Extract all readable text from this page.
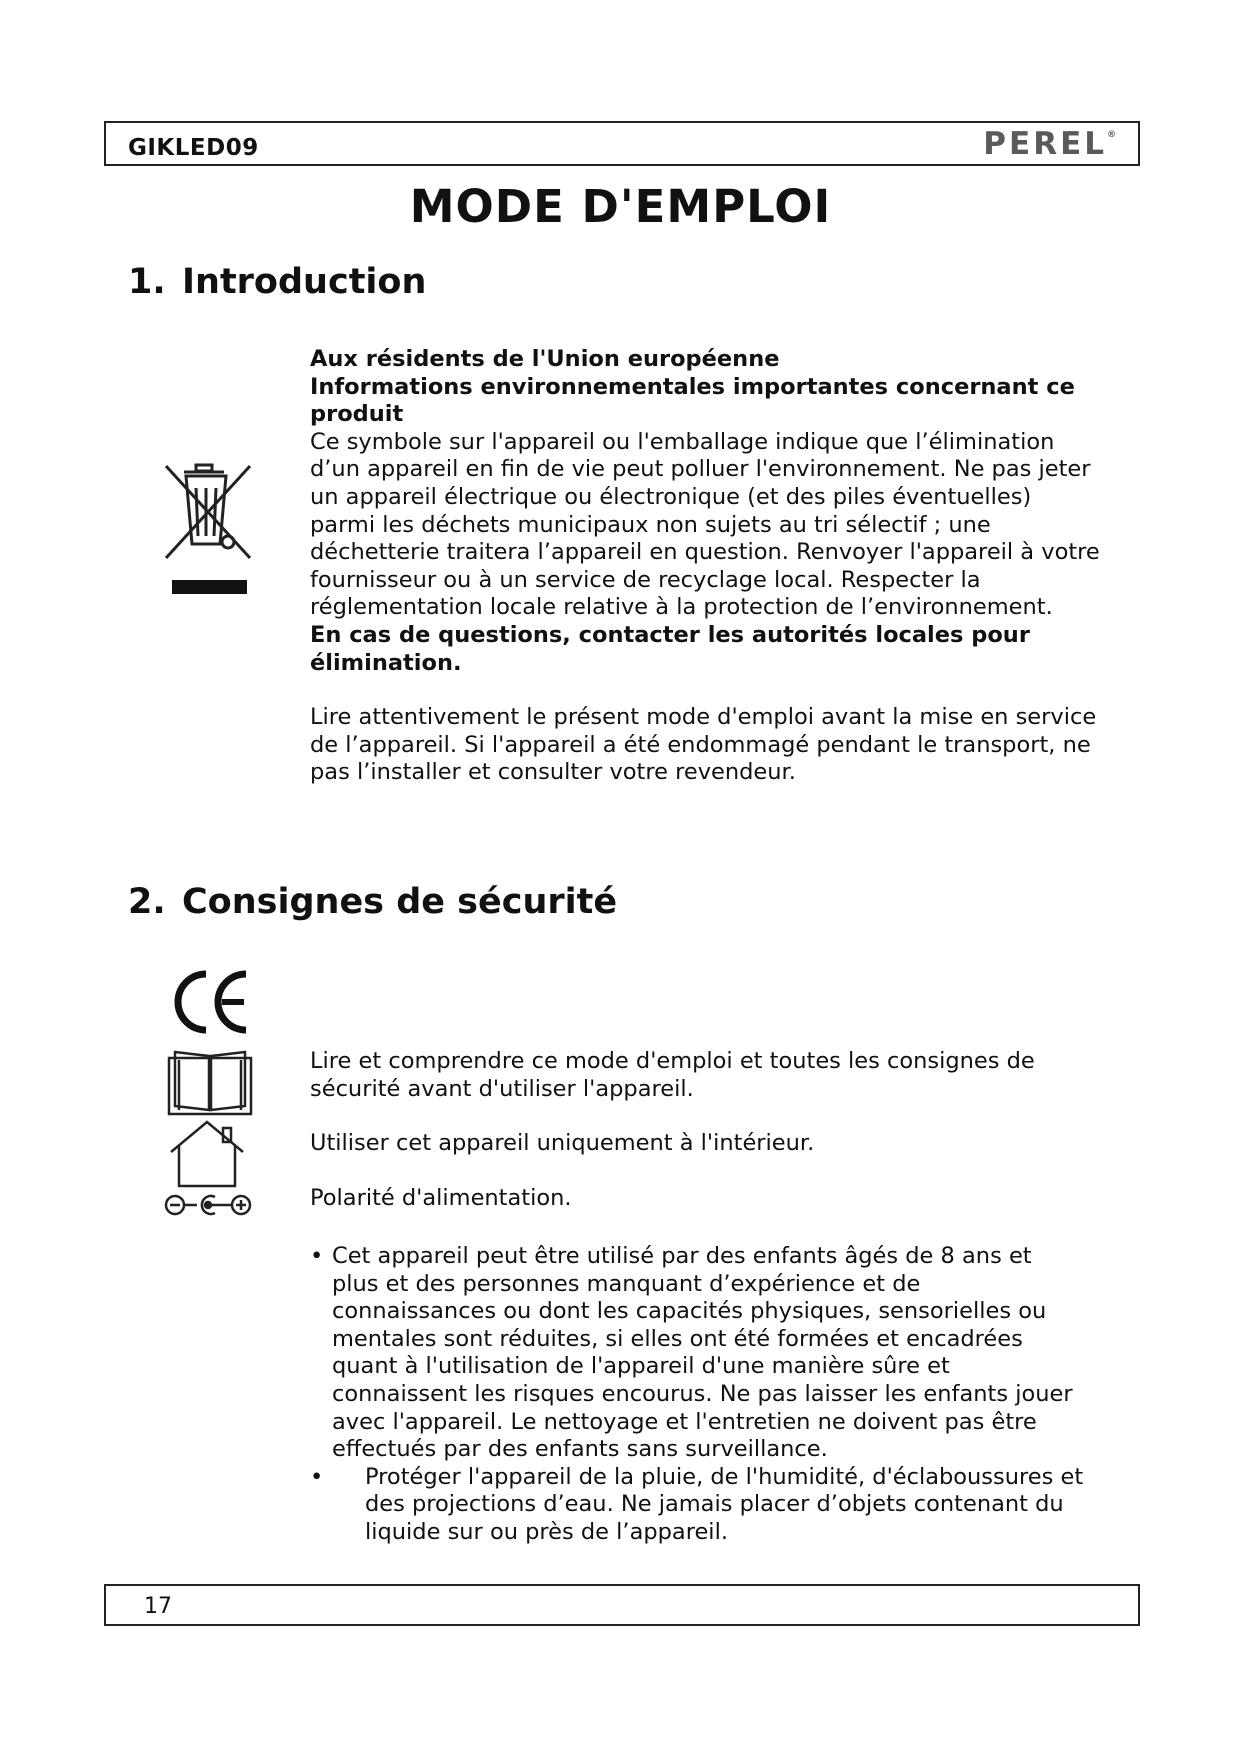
GIKLED09	PEREL®
MODE D'EMPLOI
1. Introduction

Aux résidents de l'Union européenne

Informations environnementales importantes concernant ce produit

Ce symbole sur l'appareil ou l'emballage indique que l’élimination d’un appareil en fin de vie peut polluer l'environnement. Ne pas jeter un appareil électrique ou électronique (et des piles éventuelles) parmi les déchets municipaux non sujets au tri sélectif ; une déchetterie traitera l’appareil en question. Renvoyer l'appareil à votre fournisseur ou à un service de recyclage local. Respecter la réglementation locale relative à la protection de l’environnement.

En cas de questions, contacter les autorités locales pour élimination.

Lire attentivement le présent mode d'emploi avant la mise en service de l’appareil. Si l'appareil a été endommagé pendant le transport, ne pas l’installer et consulter votre revendeur.

2. Consignes de sécurité
Lire et comprendre ce mode d'emploi et toutes les consignes de sécurité avant d'utiliser l'appareil.
Utiliser cet appareil uniquement à l'intérieur.
Polarité d'alimentation.
• Cet appareil peut être utilisé par des enfants âgés de 8 ans et plus et des personnes manquant d’expérience et de connaissances ou dont les capacités physiques, sensorielles ou mentales sont réduites, si elles ont été formées et encadrées quant à l'utilisation de l'appareil d'une manière sûre et connaissent les risques encourus. Ne pas laisser les enfants jouer avec l'appareil. Le nettoyage et l'entretien ne doivent pas être effectués par des enfants sans surveillance.
• Protéger l'appareil de la pluie, de l'humidité, d'éclaboussures et des projections d’eau. Ne jamais placer d’objets contenant du liquide sur ou près de l’appareil.
17
